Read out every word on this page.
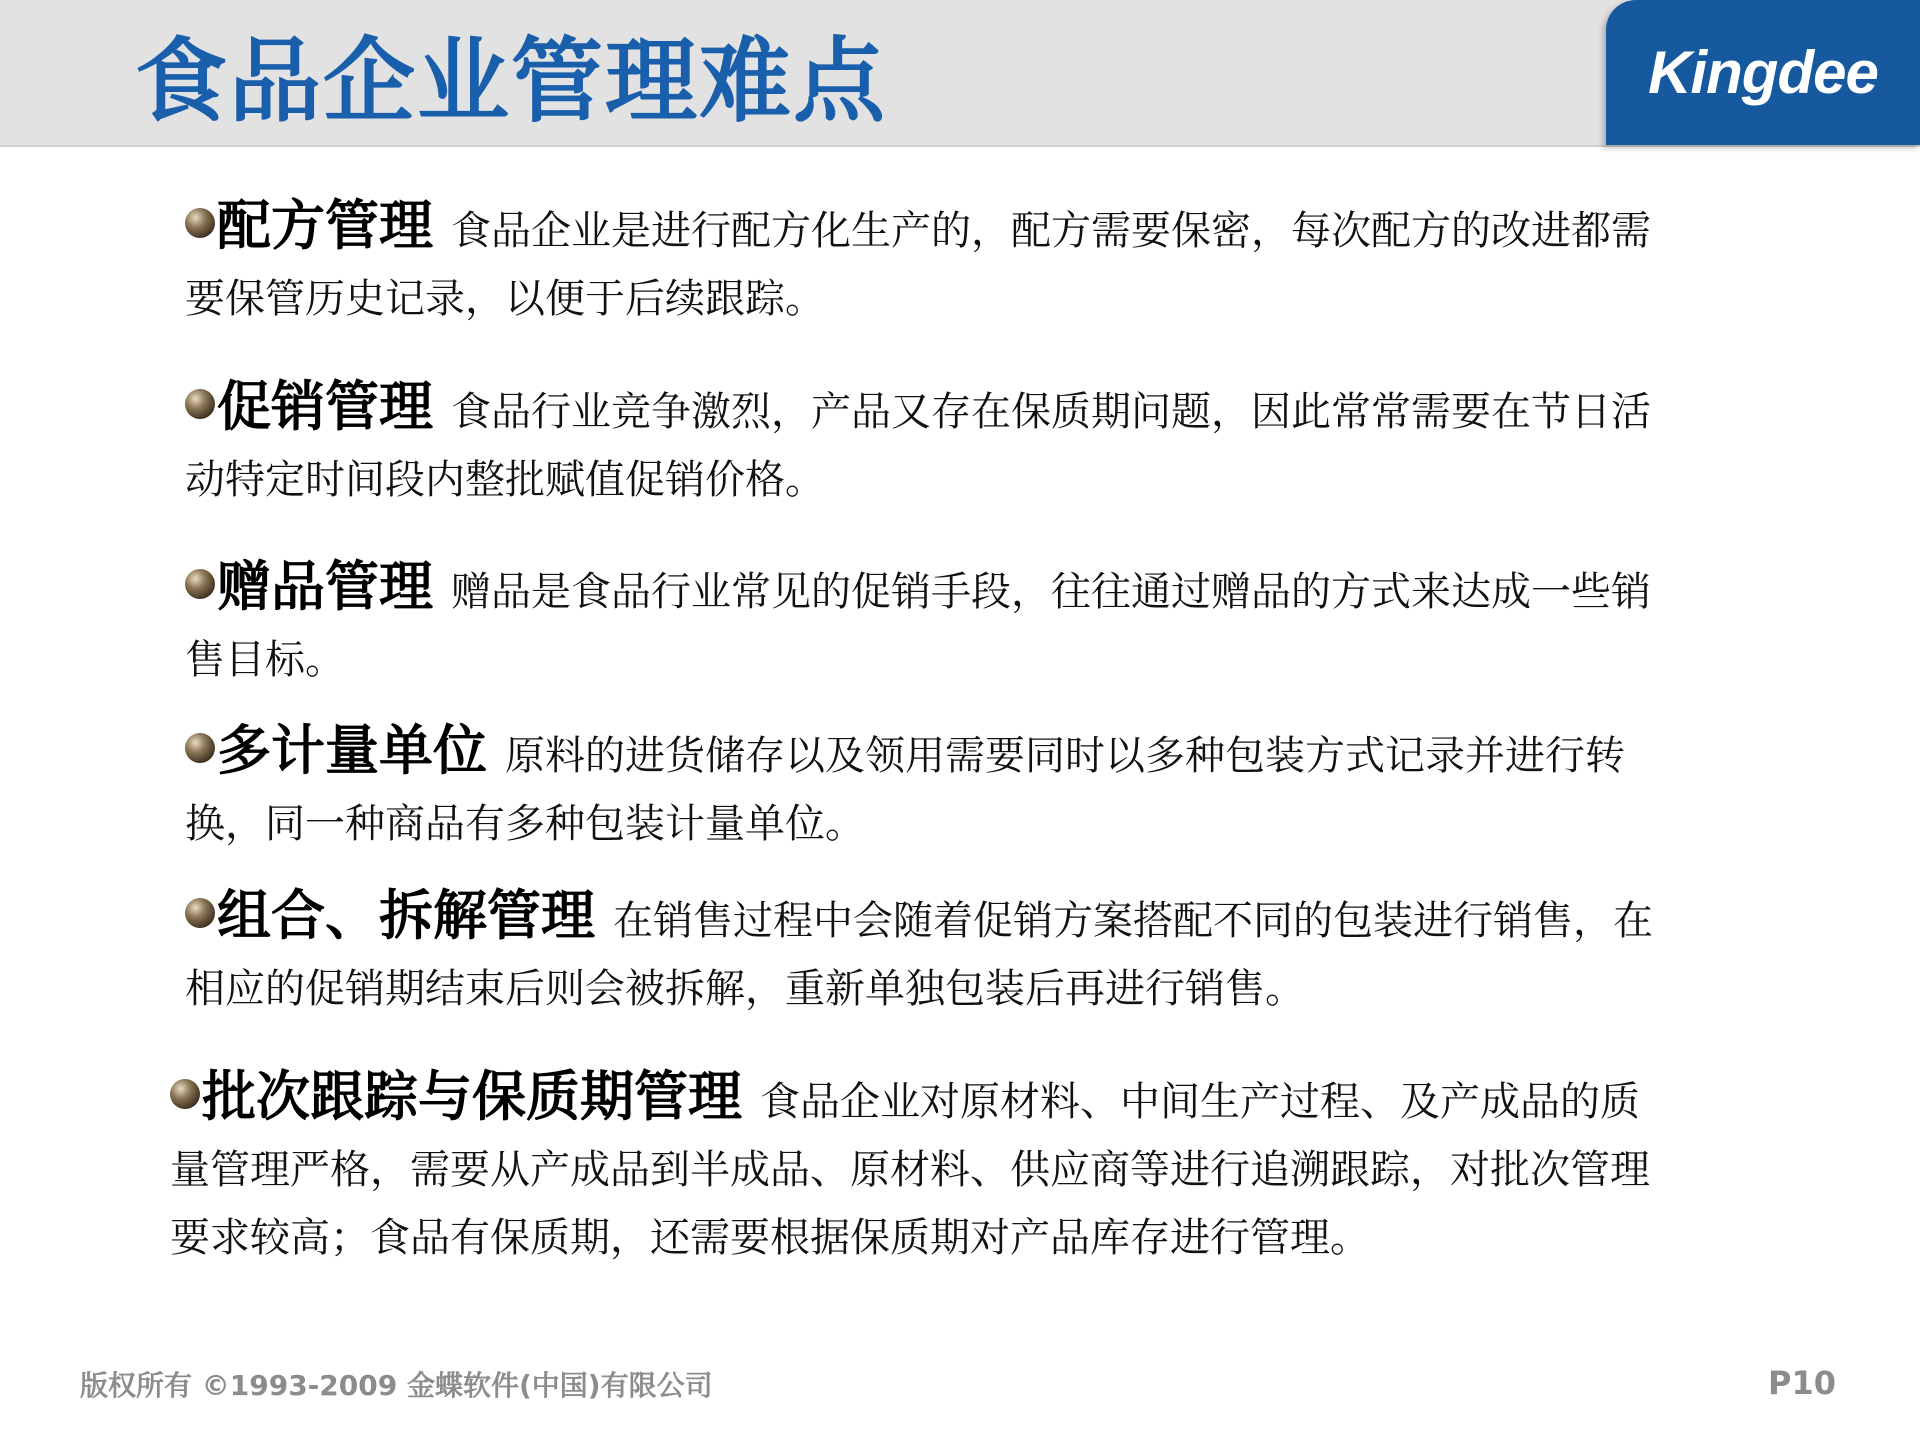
食品企业管理难点	Kingdee
配方管理 食品企业是进行配方化生产的，配方需要保密，每次配方的改进都需要保管历史记录，以便于后续跟踪。
促销管理 食品行业竞争激烈，产品又存在保质期问题，因此常常需要在节日活动特定时间段内整批赋值促销价格。
赠品管理 赠品是食品行业常见的促销手段，往往通过赠品的方式来达成一些销售目标。
多计量单位 原料的进货储存以及领用需要同时以多种包装方式记录并进行转换，同一种商品有多种包装计量单位。
组合、拆解管理 在销售过程中会随着促销方案搭配不同的包装进行销售，在相应的促销期结束后则会被拆解，重新单独包装后再进行销售。
批次跟踪与保质期管理 食品企业对原材料、中间生产过程、及产成品的质量管理严格，需要从产成品到半成品、原材料、供应商等进行追溯跟踪，对批次管理要求较高；食品有保质期，还需要根据保质期对产品库存进行管理。
版权所有 ©1993-2009 金蝶软件(中国)有限公司	P10
